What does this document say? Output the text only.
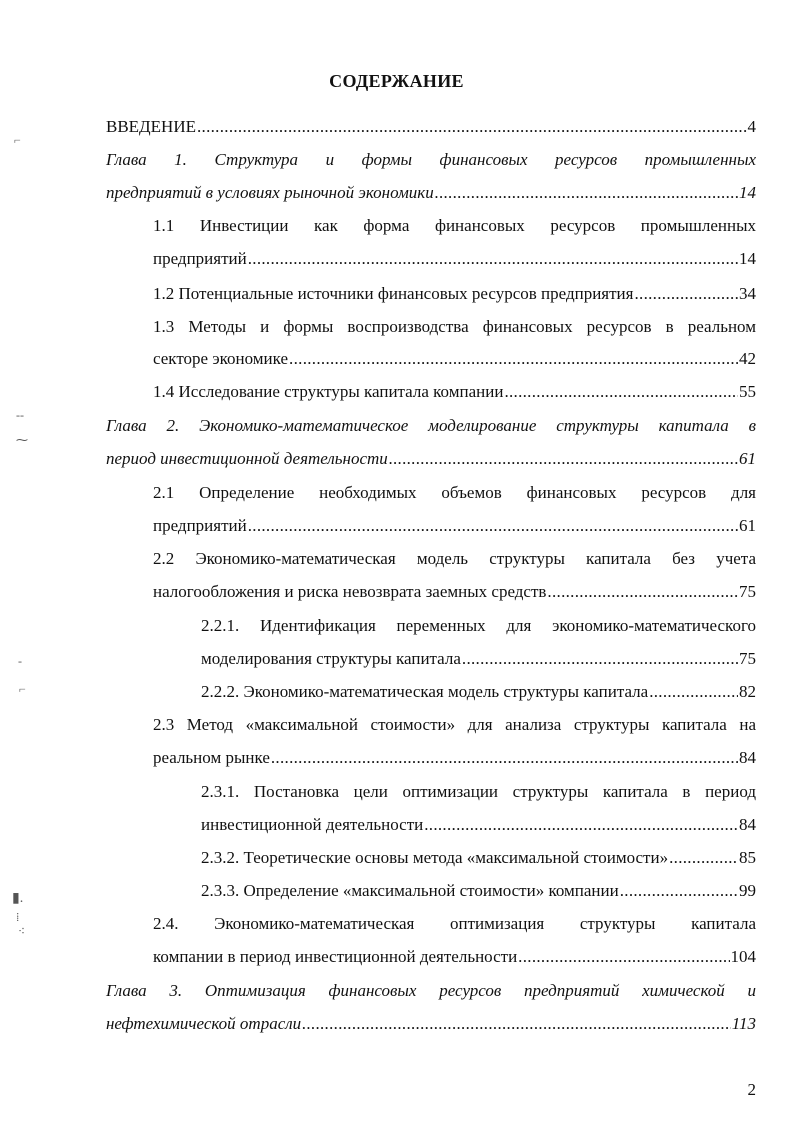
СОДЕРЖАНИЕ
ВВЕДЕНИЕ .....	4
Глава 1. Структура и формы финансовых ресурсов промышленных
предприятий в условиях рыночной экономики .....	14
1.1 Инвестиции как форма финансовых ресурсов промышленных
предприятий .....	14
1.2 Потенциальные источники финансовых ресурсов предприятия .....	34
1.3 Методы и формы воспроизводства финансовых ресурсов в реальном
секторе экономике .....	42
1.4 Исследование структуры капитала компании .....	55
Глава 2. Экономико-математическое моделирование структуры капитала в
период инвестиционной деятельности .....	61
2.1 Определение необходимых объемов финансовых ресурсов для
предприятий .....	61
2.2 Экономико-математическая модель структуры капитала без учета
налогообложения и риска невозврата заемных средств .....	75
2.2.1. Идентификация переменных для экономико-математического
моделирования структуры капитала .....	75
2.2.2. Экономико-математическая модель структуры капитала .....	82
2.3 Метод «максимальной стоимости» для анализа структуры капитала на
реальном рынке .....	84
2.3.1. Постановка цели оптимизации структуры капитала в период
инвестиционной деятельности .....	84
2.3.2. Теоретические основы метода «максимальной стоимости» .....	85
2.3.3. Определение «максимальной стоимости» компании .....	99
2.4. Экономико-математическая оптимизация структуры капитала
компании в период инвестиционной деятельности .....	104
Глава 3. Оптимизация финансовых ресурсов предприятий химической и
нефтехимической отрасли .....	113
2
⌐
-‐
⁓
-
⌐
▮.
⁞
⁖
